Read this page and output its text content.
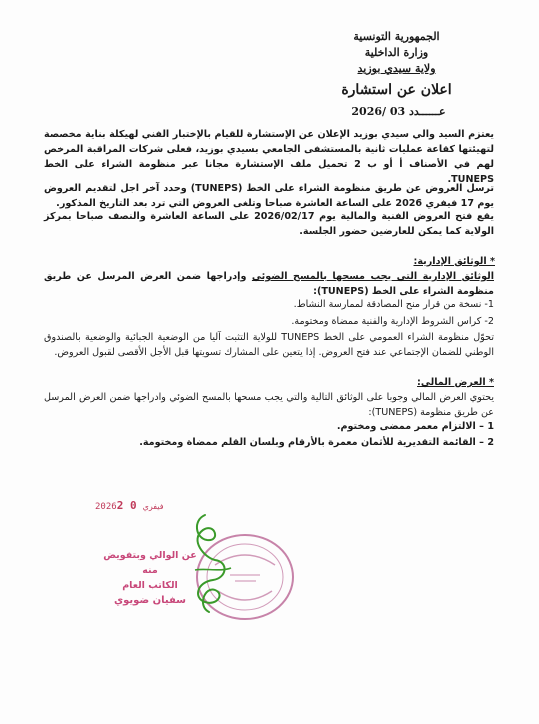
الجمهورية التونسية
وزارة الداخلية
ولاية سيدي بوزيد
اعلان عن استشارة
عــــــدد 03 /2026
يعتزم السيد والي سيدي بوزيد الإعلان عن الإستشارة للقيام بالإختبار الفني لهيكلة بناية مخصصة لتهيئتها كقاعة عمليات ثانية بالمستشفى الجامعي بسيدي بوزيد، فعلى شركات المراقبة المرخص لهم في الأصناف أ أو ب 2 تحميل ملف الإستشارة مجانا عبر منظومة الشراء على الخط TUNEPS.
ترسل العروض عن طريق منظومة الشراء على الخط (TUNEPS) وحدد آخر اجل لتقديم العروض يوم 17 فيفري 2026 على الساعة العاشرة صباحا وتلغى العروض التي ترد بعد التاريخ المذكور.
يقع فتح العروض الفنية والمالية يوم 2026/02/17 على الساعة العاشرة والنصف صباحا بمركز الولاية كما يمكن للعارضين حضور الجلسة.
* الوثائق الإدارية:
الوثائق الإدارية التي يجب مسحها بالمسح الضوئي وإدراجها ضمن العرض المرسل عن طريق منظومة الشراء على الخط (TUNEPS):
1- نسخة من قرار منح المصادقة لممارسة النشاط.
2- كراس الشروط الإدارية والفنية ممضاة ومختومة.
تحوّل منظومة الشراء العمومي على الخط TUNEPS للولاية التثبت آليا من الوضعية الجبائية والوضعية بالصندوق الوطني للضمان الإجتماعي عند فتح العروض. إذا يتعين على المشارك تسويتها قبل الأجل الأقصى لقبول العروض.
* العرض المالي:
يحتوي العرض المالي وجوبا على الوثائق التالية والتي يجب مسحها بالمسح الضوئي وادراجها ضمن العرض المرسل عن طريق منظومة (TUNEPS):
1 – الالتزام معمر ممضى ومختوم.
2 – القائمة التقديرية للأثمان معمرة بالأرقام وبلسان القلم ممضاة ومختومة.
2026	فيفري0 2
عن الوالي وبتفويض منه
الكاتب العام
سفيان ضويوي
